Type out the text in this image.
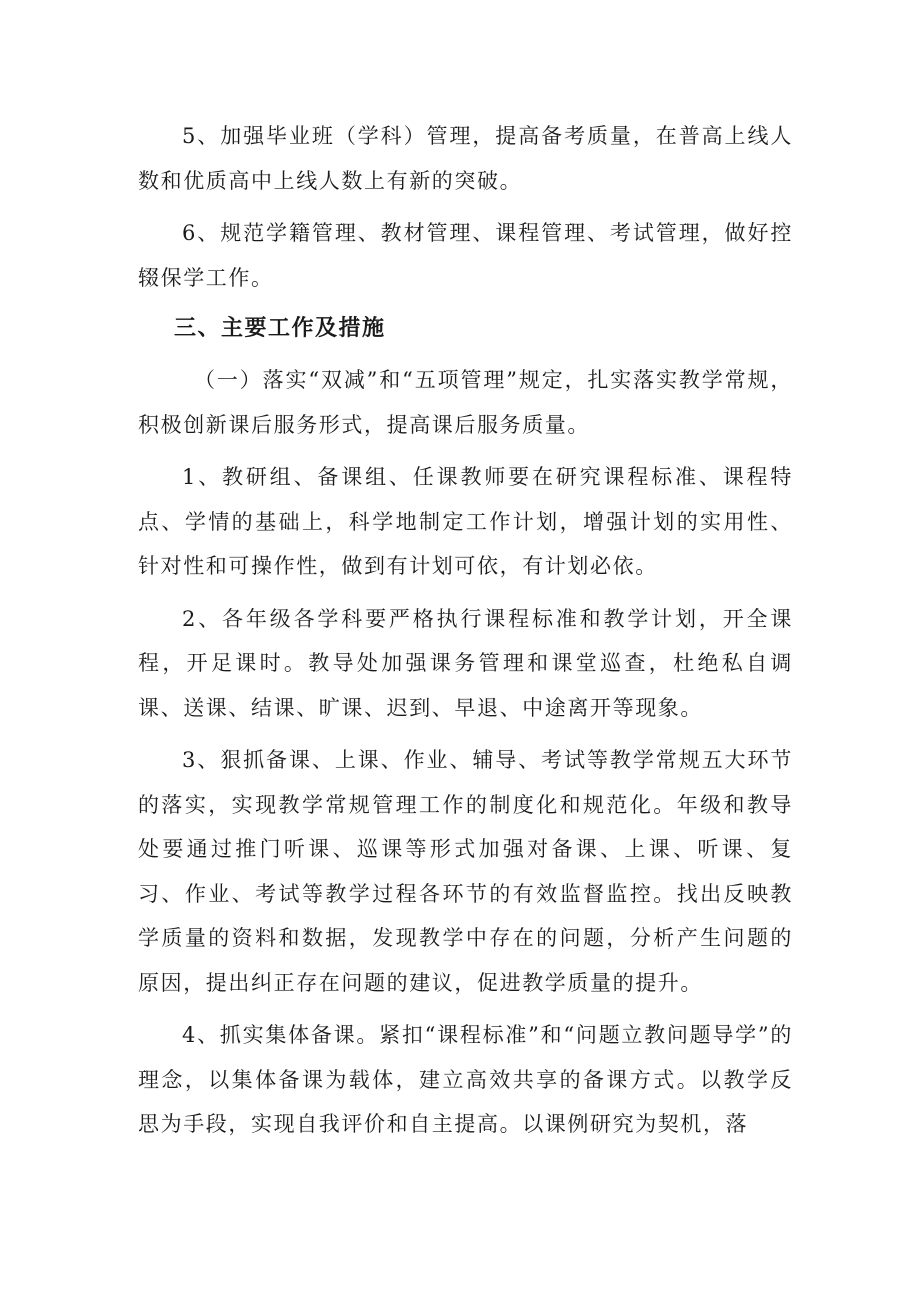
5、加强毕业班（学科）管理，提高备考质量，在普高上线人数和优质高中上线人数上有新的突破。

6、规范学籍管理、教材管理、课程管理、考试管理，做好控辍保学工作。

三、主要工作及措施

（一）落实“双减”和“五项管理”规定，扎实落实教学常规，积极创新课后服务形式，提高课后服务质量。

1、教研组、备课组、任课教师要在研究课程标准、课程特点、学情的基础上，科学地制定工作计划，增强计划的实用性、针对性和可操作性，做到有计划可依，有计划必依。

2、各年级各学科要严格执行课程标准和教学计划，开全课程，开足课时。教导处加强课务管理和课堂巡查，杜绝私自调课、送课、结课、旷课、迟到、早退、中途离开等现象。

3、狠抓备课、上课、作业、辅导、考试等教学常规五大环节的落实，实现教学常规管理工作的制度化和规范化。年级和教导处要通过推门听课、巡课等形式加强对备课、上课、听课、复习、作业、考试等教学过程各环节的有效监督监控。找出反映教学质量的资料和数据，发现教学中存在的问题，分析产生问题的原因，提出纠正存在问题的建议，促进教学质量的提升。

4、抓实集体备课。紧扣“课程标准”和“问题立教问题导学”的理念，以集体备课为载体，建立高效共享的备课方式。以教学反思为手段，实现自我评价和自主提高。以课例研究为契机，落
